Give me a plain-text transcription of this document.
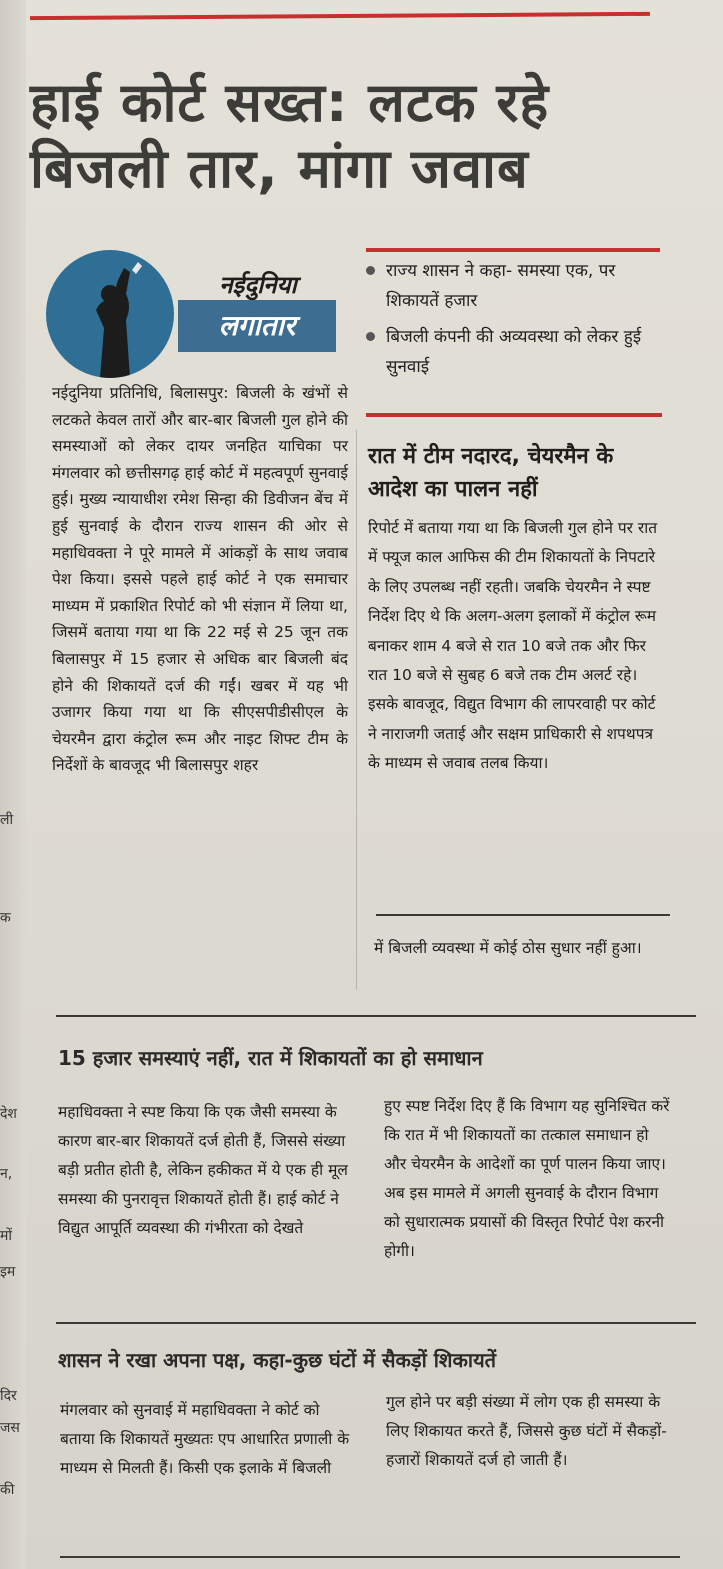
हाई कोर्ट सख्त: लटक रहे
बिजली तार, मांगा जवाब
नईदुनिया
लगातार
राज्य शासन ने कहा- समस्या एक, पर शिकायतें हजार
बिजली कंपनी की अव्यवस्था को लेकर हुई सुनवाई
नईदुनिया प्रतिनिधि, बिलासपुर: बिजली के खंभों से लटकते केवल तारों और बार-बार बिजली गुल होने की समस्याओं को लेकर दायर जनहित याचिका पर मंगलवार को छत्तीसगढ़ हाई कोर्ट में महत्वपूर्ण सुनवाई हुई। मुख्य न्यायाधीश रमेश सिन्हा की डिवीजन बेंच में हुई सुनवाई के दौरान राज्य शासन की ओर से महाधिवक्ता ने पूरे मामले में आंकड़ों के साथ जवाब पेश किया। इससे पहले हाई कोर्ट ने एक समाचार माध्यम में प्रकाशित रिपोर्ट को भी संज्ञान में लिया था, जिसमें बताया गया था कि 22 मई से 25 जून तक बिलासपुर में 15 हजार से अधिक बार बिजली बंद होने की शिकायतें दर्ज की गईं। खबर में यह भी उजागर किया गया था कि सीएसपीडीसीएल के चेयरमैन द्वारा कंट्रोल रूम और नाइट शिफ्ट टीम के निर्देशों के बावजूद भी बिलासपुर शहर
रात में टीम नदारद, चेयरमैन के आदेश का पालन नहीं
रिपोर्ट में बताया गया था कि बिजली गुल होने पर रात में फ्यूज काल आफिस की टीम शिकायतों के निपटारे के लिए उपलब्ध नहीं रहती। जबकि चेयरमैन ने स्पष्ट निर्देश दिए थे कि अलग-अलग इलाकों में कंट्रोल रूम बनाकर शाम 4 बजे से रात 10 बजे तक और फिर रात 10 बजे से सुबह 6 बजे तक टीम अलर्ट रहे। इसके बावजूद, विद्युत विभाग की लापरवाही पर कोर्ट ने नाराजगी जताई और सक्षम प्राधिकारी से शपथपत्र के माध्यम से जवाब तलब किया।
में बिजली व्यवस्था में कोई ठोस सुधार नहीं हुआ।
15 हजार समस्याएं नहीं, रात में शिकायतों का हो समाधान
महाधिवक्ता ने स्पष्ट किया कि एक जैसी समस्या के कारण बार-बार शिकायतें दर्ज होती हैं, जिससे संख्या बड़ी प्रतीत होती है, लेकिन हकीकत में ये एक ही मूल समस्या की पुनरावृत्त शिकायतें होती हैं। हाई कोर्ट ने विद्युत आपूर्ति व्यवस्था की गंभीरता को देखते
हुए स्पष्ट निर्देश दिए हैं कि विभाग यह सुनिश्चित करें कि रात में भी शिकायतों का तत्काल समाधान हो और चेयरमैन के आदेशों का पूर्ण पालन किया जाए। अब इस मामले में अगली सुनवाई के दौरान विभाग को सुधारात्मक प्रयासों की विस्तृत रिपोर्ट पेश करनी होगी।
शासन ने रखा अपना पक्ष, कहा-कुछ घंटों में सैकड़ों शिकायतें
मंगलवार को सुनवाई में महाधिवक्ता ने कोर्ट को बताया कि शिकायतें मुख्यतः एप आधारित प्रणाली के माध्यम से मिलती हैं। किसी एक इलाके में बिजली
गुल होने पर बड़ी संख्या में लोग एक ही समस्या के लिए शिकायत करते हैं, जिससे कुछ घंटों में सैकड़ों-हजारों शिकायतें दर्ज हो जाती हैं।
ली
क
देश
न,
मों
इम
दिर
जस
की
